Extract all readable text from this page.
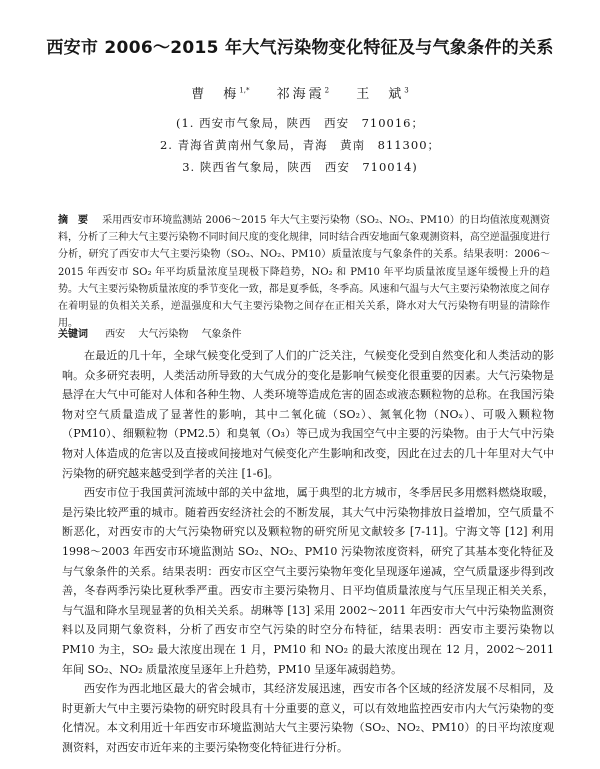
西安市 2006～2015 年大气污染物变化特征及与气象条件的关系
曹　梅$^{1,*}$ 祁海霞$^2$ 王　斌$^3$
(1. 西安市气象局，陕西　西安　710016；
2. 青海省黄南州气象局，青海　黄南　811300；
3. 陕西省气象局，陕西　西安　710014)

摘　要 采用西安市环境监测站 2006～2015 年大气主要污染物（SO₂、NO₂、PM10）的日均值浓度观测资料，分析了三种大气主要污染物不同时间尺度的变化规律，同时结合西安地面气象观测资料，高空逆温强度进行分析，研究了西安市大气主要污染物（SO₂、NO₂、PM10）质量浓度与气象条件的关系。结果表明：2006～2015 年西安市 SO₂ 年平均质量浓度呈现极下降趋势，NO₂ 和 PM10 年平均质量浓度呈逐年缓慢上升的趋势。大气主要污染物质量浓度的季节变化一致，都是夏季低，冬季高。风速和气温与大气主要污染物浓度之间存在着明显的负相关关系，逆温强度和大气主要污染物之间存在正相关关系，降水对大气污染物有明显的清除作用。

关键词 西安 大气污染物 气象条件

在最近的几十年，全球气候变化受到了人们的广泛关注，气候变化受到自然变化和人类活动的影响。众多研究表明，人类活动所导致的大气成分的变化是影响气候变化很重要的因素。大气污染物是悬浮在大气中可能对人体和各种生物、人类环境等造成危害的固态或液态颗粒物的总称。在我国污染物对空气质量造成了显著性的影响，其中二氧化硫（SO₂）、氮氧化物（NOₓ）、可吸入颗粒物（PM10）、细颗粒物（PM2.5）和臭氧（O₃）等已成为我国空气中主要的污染物。由于大气中污染物对人体造成的危害以及直接或间接地对气候变化产生影响和改变，因此在过去的几十年里对大气中污染物的研究越来越受到学者的关注 [1-6]。

西安市位于我国黄河流域中部的关中盆地，属于典型的北方城市，冬季居民多用燃料燃烧取暖，是污染比较严重的城市。随着西安经济社会的不断发展，其大气中污染物排放日益增加，空气质量不断恶化，对西安市的大气污染物研究以及颗粒物的研究所见文献较多 [7-11]。宁海文等 [12] 利用 1998～2003 年西安市环境监测站 SO₂、NO₂、PM10 污染物浓度资料，研究了其基本变化特征及与气象条件的关系。结果表明：西安市区空气主要污染物年变化呈现逐年递减，空气质量逐步得到改善，冬春两季污染比夏秋季严重。西安市主要污染物月、日平均值质量浓度与气压呈现正相关关系，与气温和降水呈现显著的负相关关系。胡琳等 [13] 采用 2002～2011 年西安市大气中污染物监测资料以及同期气象资料，分析了西安市空气污染的时空分布特征，结果表明：西安市主要污染物以 PM10 为主，SO₂ 最大浓度出现在 1 月，PM10 和 NO₂ 的最大浓度出现在 12 月，2002～2011 年间 SO₂、NO₂ 质量浓度呈逐年上升趋势，PM10 呈逐年减弱趋势。

西安作为西北地区最大的省会城市，其经济发展迅速，西安市各个区域的经济发展不尽相同，及时更新大气中主要污染物的研究时段具有十分重要的意义，可以有效地监控西安市内大气污染物的变化情况。本文利用近十年西安市环境监测站大气主要污染物（SO₂、NO₂、PM10）的日平均浓度观测资料，对西安市近年来的主要污染物变化特征进行分析。
